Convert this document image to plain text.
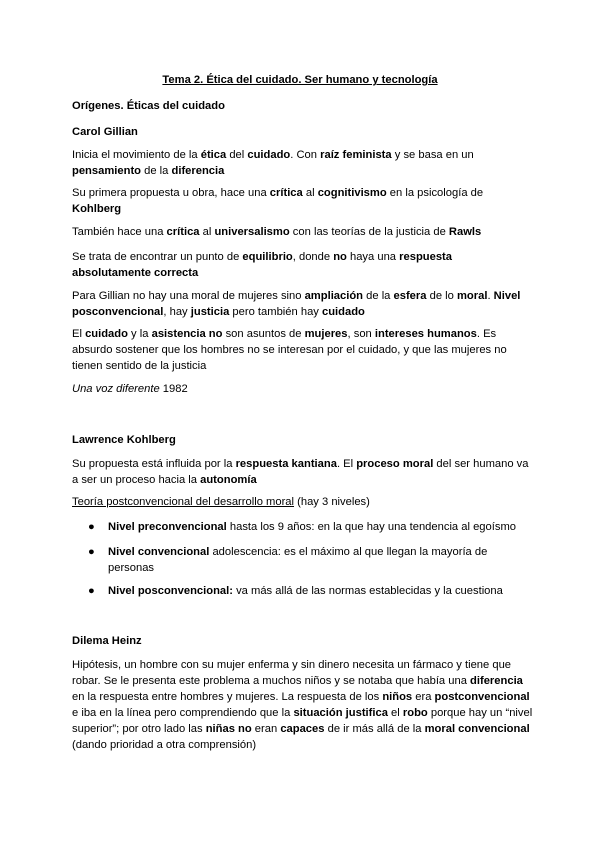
Tema 2. Ética del cuidado. Ser humano y tecnología
Orígenes. Éticas del cuidado
Carol Gillian
Inicia el movimiento de la ética del cuidado. Con raíz feminista y se basa en un pensamiento de la diferencia
Su primera propuesta u obra, hace una crítica al cognitivismo en la psicología de Kohlberg
También hace una crítica al universalismo con las teorías de la justicia de Rawls
Se trata de encontrar un punto de equilibrio, donde no haya una respuesta absolutamente correcta
Para Gillian no hay una moral de mujeres sino ampliación de la esfera de lo moral. Nivel posconvencional, hay justicia pero también hay cuidado
El cuidado y la asistencia no son asuntos de mujeres, son intereses humanos. Es absurdo sostener que los hombres no se interesan por el cuidado, y que las mujeres no tienen sentido de la justicia
Una voz diferente 1982
Lawrence Kohlberg
Su propuesta está influida por la respuesta kantiana. El proceso moral del ser humano va a ser un proceso hacia la autonomía
Teoría postconvencional del desarrollo moral (hay 3 niveles)
● Nivel preconvencional hasta los 9 años: en la que hay una tendencia al egoísmo
● Nivel convencional adolescencia: es el máximo al que llegan la mayoría de personas
● Nivel posconvencional: va más allá de las normas establecidas y la cuestiona
Dilema Heinz
Hipótesis, un hombre con su mujer enferma y sin dinero necesita un fármaco y tiene que robar. Se le presenta este problema a muchos niños y se notaba que había una diferencia en la respuesta entre hombres y mujeres. La respuesta de los niños era postconvencional e iba en la línea pero comprendiendo que la situación justifica el robo porque hay un “nivel superior”; por otro lado las niñas no eran capaces de ir más allá de la moral convencional (dando prioridad a otra comprensión)
